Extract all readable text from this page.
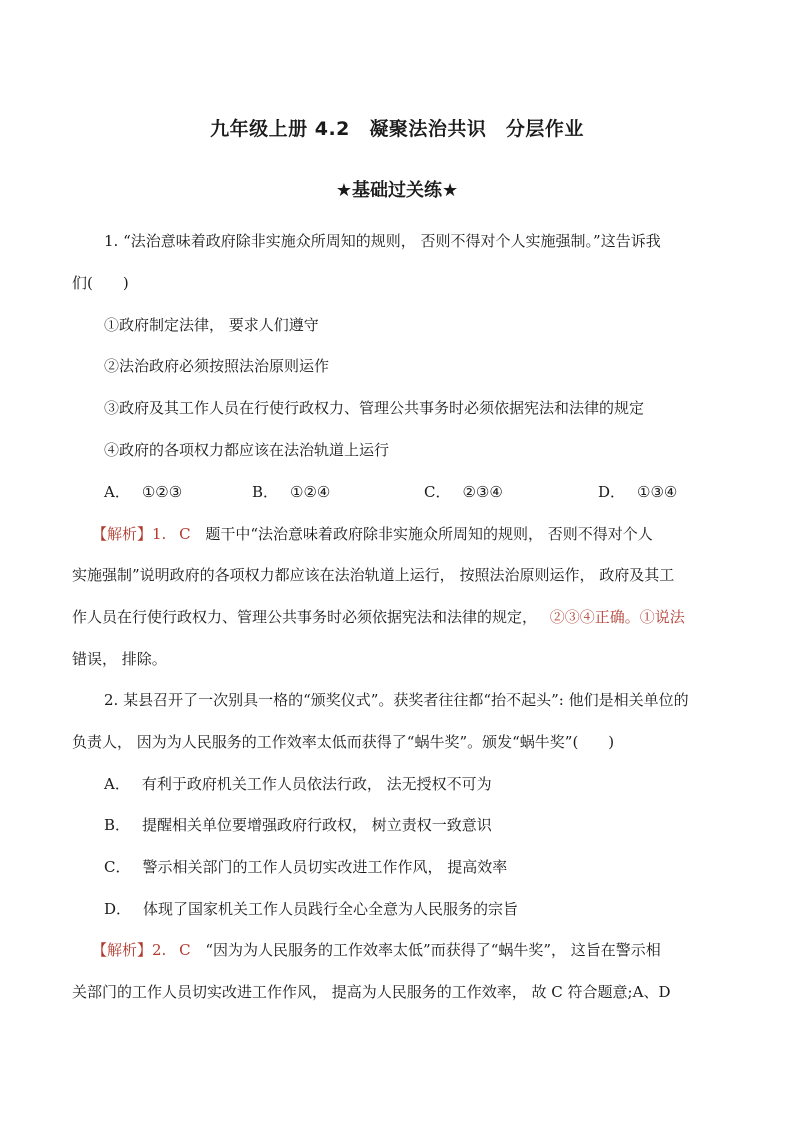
九年级上册 4.2　凝聚法治共识　分层作业
★基础过关练★
1. “法治意味着政府除非实施众所周知的规则， 否则不得对个人实施强制。”这告诉我
们(　　)
①政府制定法律， 要求人们遵守
②法治政府必须按照法治原则运作
③政府及其工作人员在行使行政权力、管理公共事务时必须依据宪法和法律的规定
④政府的各项权力都应该在法治轨道上运行
A． ①②③	B． ①②④	C． ②③④	D． ①③④
【解析】1. C 题干中“法治意味着政府除非实施众所周知的规则， 否则不得对个人
实施强制”说明政府的各项权力都应该在法治轨道上运行， 按照法治原则运作， 政府及其工
作人员在行使行政权力、管理公共事务时必须依据宪法和法律的规定， ②③④正确。①说法
错误， 排除。
2. 某县召开了一次别具一格的“颁奖仪式”。获奖者往往都“抬不起头”: 他们是相关单位的
负责人， 因为为人民服务的工作效率太低而获得了“蜗牛奖”。颁发“蜗牛奖”(　　)
A． 有利于政府机关工作人员依法行政， 法无授权不可为
B． 提醒相关单位要增强政府行政权， 树立责权一致意识
C． 警示相关部门的工作人员切实改进工作作风， 提高效率
D． 体现了国家机关工作人员践行全心全意为人民服务的宗旨
【解析】2. C “因为为人民服务的工作效率太低”而获得了“蜗牛奖”， 这旨在警示相
关部门的工作人员切实改进工作作风， 提高为人民服务的工作效率， 故 C 符合题意;A、D
